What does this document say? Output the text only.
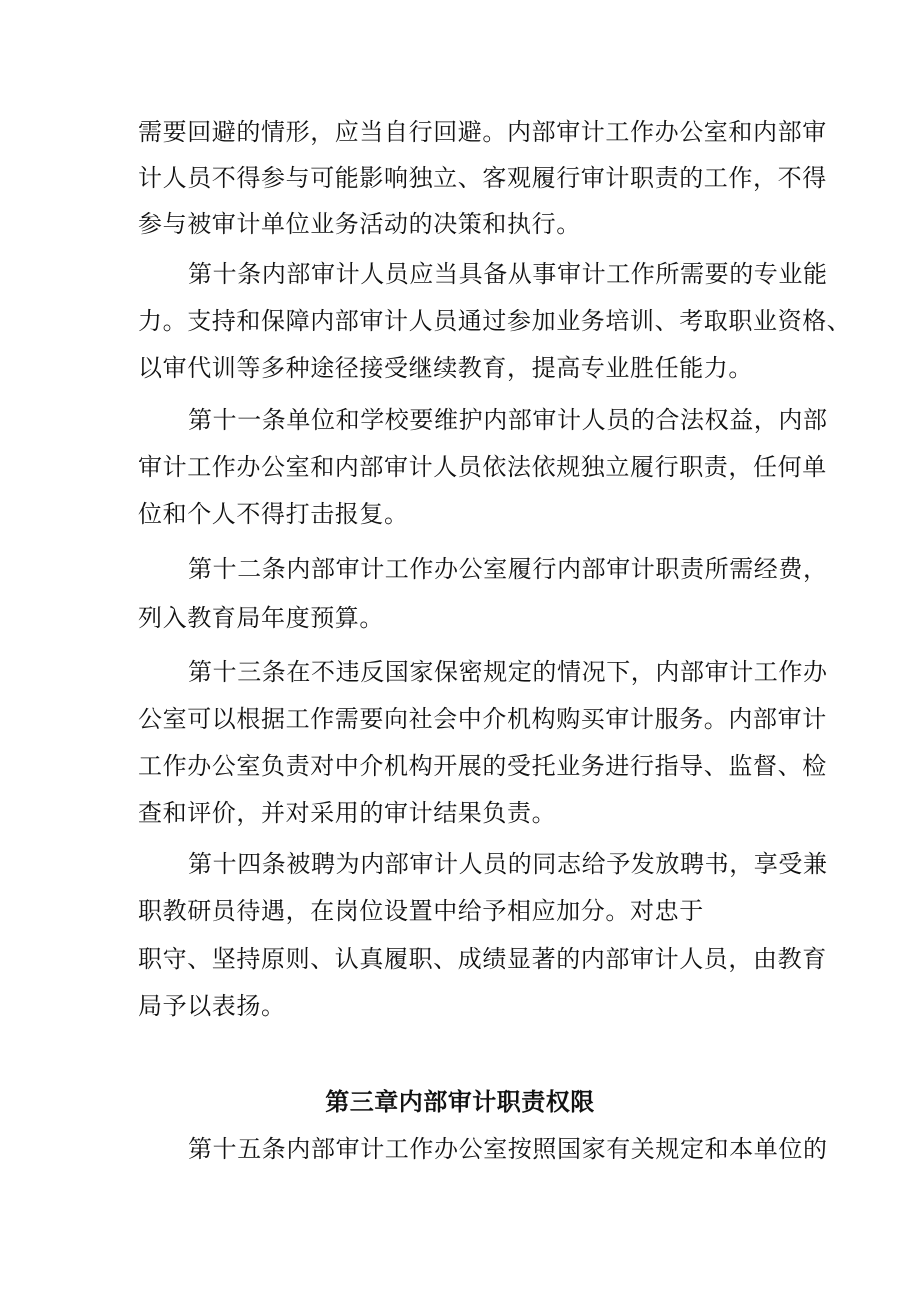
需要回避的情形，应当自行回避。内部审计工作办公室和内部审
计人员不得参与可能影响独立、客观履行审计职责的工作，不得
参与被审计单位业务活动的决策和执行。
第十条内部审计人员应当具备从事审计工作所需要的专业能
力。支持和保障内部审计人员通过参加业务培训、考取职业资格、
以审代训等多种途径接受继续教育，提高专业胜任能力。
第十一条单位和学校要维护内部审计人员的合法权益，内部
审计工作办公室和内部审计人员依法依规独立履行职责，任何单
位和个人不得打击报复。
第十二条内部审计工作办公室履行内部审计职责所需经费，
列入教育局年度预算。
第十三条在不违反国家保密规定的情况下，内部审计工作办
公室可以根据工作需要向社会中介机构购买审计服务。内部审计
工作办公室负责对中介机构开展的受托业务进行指导、监督、检
查和评价，并对采用的审计结果负责。
第十四条被聘为内部审计人员的同志给予发放聘书，享受兼
职教研员待遇，在岗位设置中给予相应加分。对忠于
职守、坚持原则、认真履职、成绩显著的内部审计人员，由教育
局予以表扬。
第三章内部审计职责权限
第十五条内部审计工作办公室按照国家有关规定和本单位的
